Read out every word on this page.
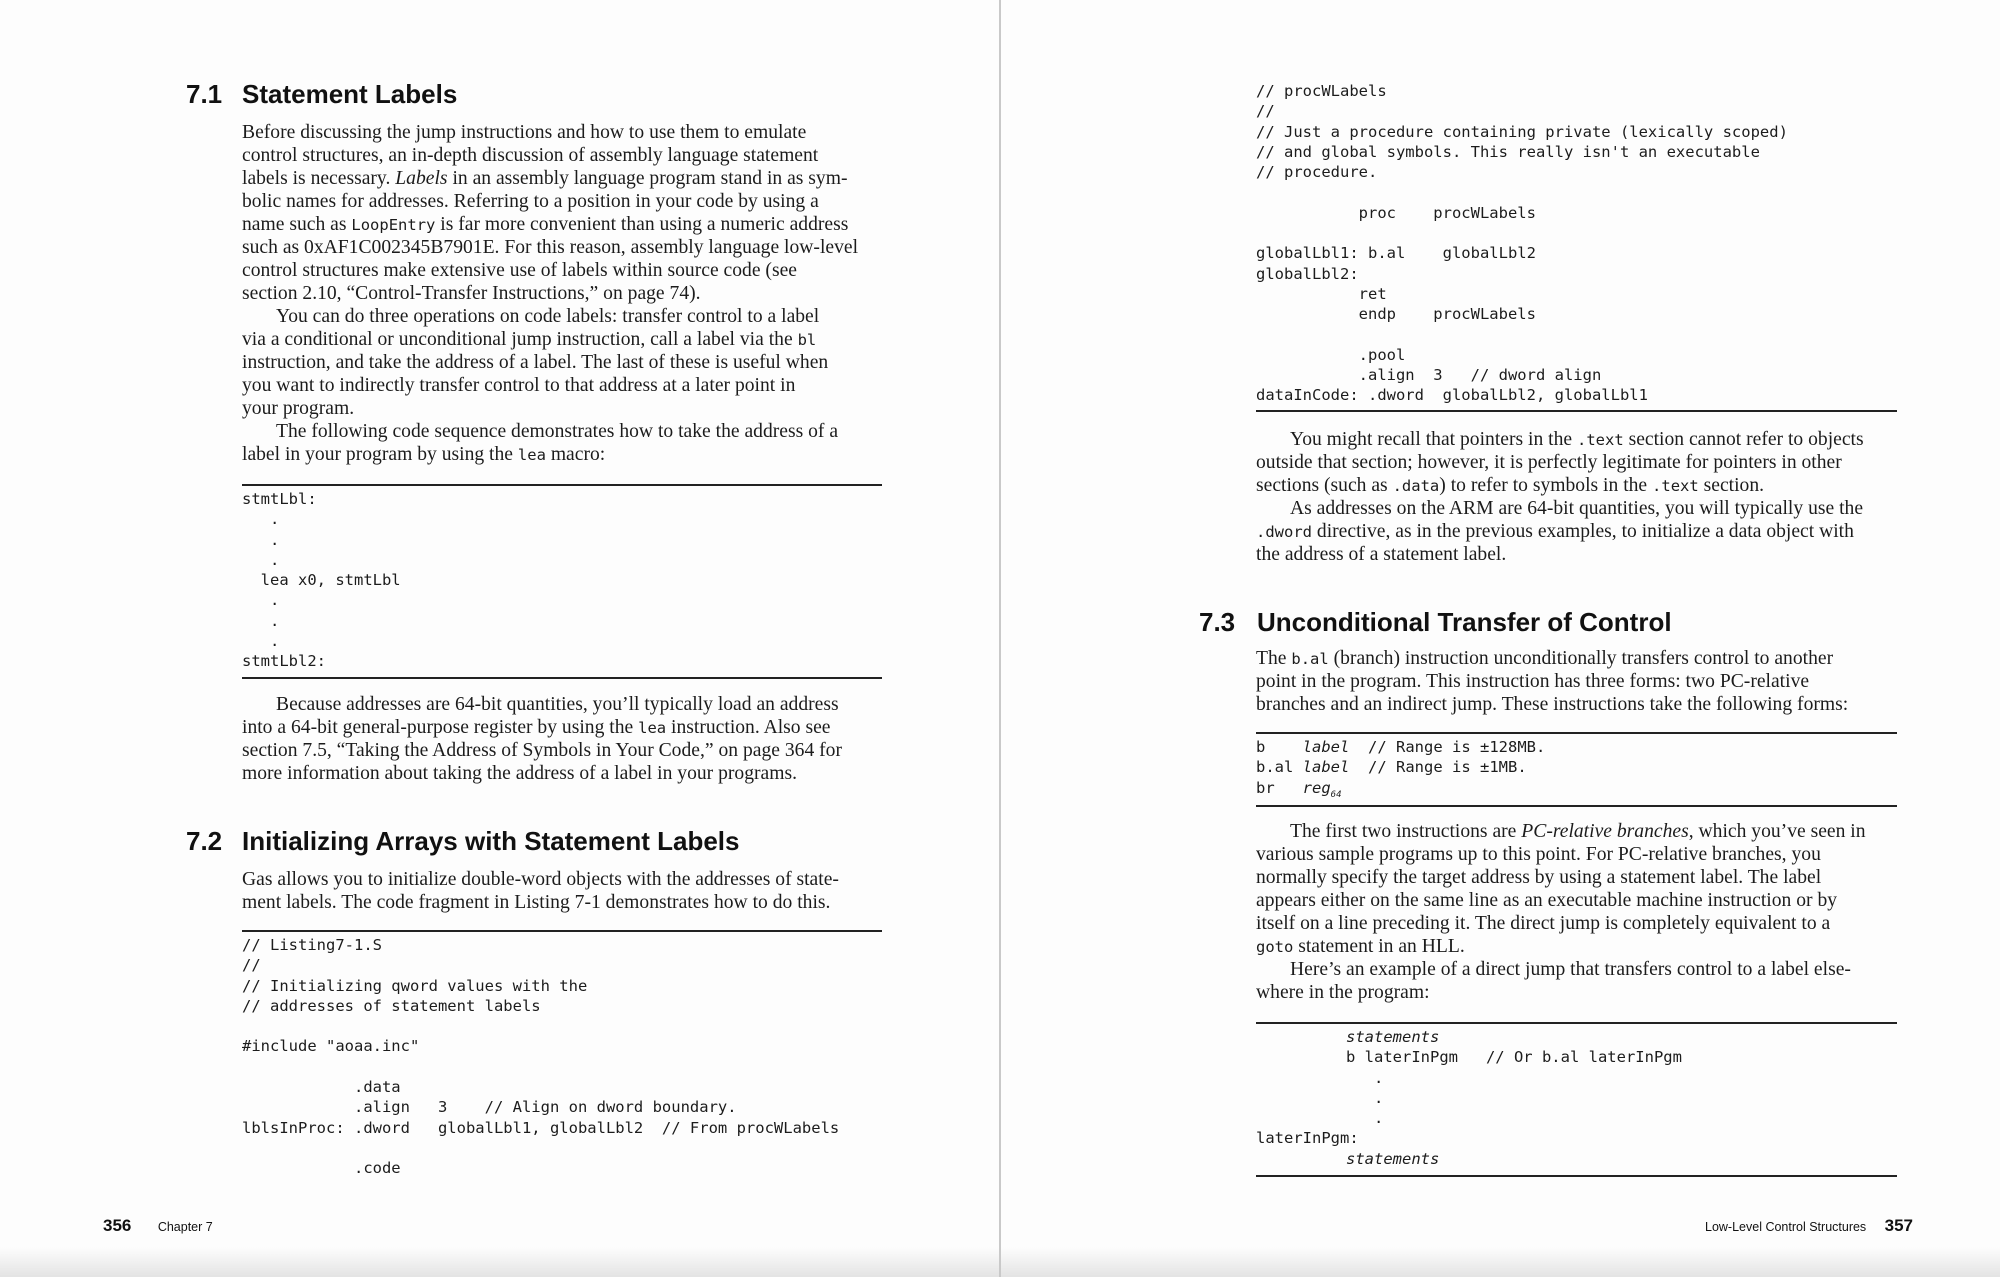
7.1 Statement Labels
Before discussing the jump instructions and how to use them to emulate
control structures, an in-depth discussion of assembly language statement
labels is necessary. Labels in an assembly language program stand in as sym-
bolic names for addresses. Referring to a position in your code by using a
name such as LoopEntry is far more convenient than using a numeric address
such as 0xAF1C002345B7901E. For this reason, assembly language low-level
control structures make extensive use of labels within source code (see
section 2.10, “Control-Transfer Instructions,” on page 74).
You can do three operations on code labels: transfer control to a label
via a conditional or unconditional jump instruction, call a label via the bl
instruction, and take the address of a label. The last of these is useful when
you want to indirectly transfer control to that address at a later point in
your program.
The following code sequence demonstrates how to take the address of a
label in your program by using the lea macro:
stmtLbl:
.
.
.
lea x0, stmtLbl
.
.
.
stmtLbl2:
Because addresses are 64-bit quantities, you’ll typically load an address
into a 64-bit general-purpose register by using the lea instruction. Also see
section 7.5, “Taking the Address of Symbols in Your Code,” on page 364 for
more information about taking the address of a label in your programs.
7.2 Initializing Arrays with Statement Labels
Gas allows you to initialize double-word objects with the addresses of state-
ment labels. The code fragment in Listing 7-1 demonstrates how to do this.
// Listing7-1.S
//
// Initializing qword values with the
// addresses of statement labels
#include "aoaa.inc"
.data
.align   3    // Align on dword boundary.
lblsInProc: .dword   globalLbl1, globalLbl2  // From procWLabels
.code
356 Chapter 7
// procWLabels
//
// Just a procedure containing private (lexically scoped)
// and global symbols. This really isn't an executable
// procedure.
proc    procWLabels
globalLbl1: b.al    globalLbl2
globalLbl2:
ret
endp    procWLabels
.pool
.align  3   // dword align
dataInCode: .dword  globalLbl2, globalLbl1
You might recall that pointers in the .text section cannot refer to objects
outside that section; however, it is perfectly legitimate for pointers in other
sections (such as .data) to refer to symbols in the .text section.
As addresses on the ARM are 64-bit quantities, you will typically use the
.dword directive, as in the previous examples, to initialize a data object with
the address of a statement label.
7.3 Unconditional Transfer of Control
The b.al (branch) instruction unconditionally transfers control to another
point in the program. This instruction has three forms: two PC-relative
branches and an indirect jump. These instructions take the following forms:
b    label  // Range is ±128MB.
b.al label  // Range is ±1MB.
br   reg$_{64}$
The first two instructions are PC-relative branches, which you’ve seen in
various sample programs up to this point. For PC-relative branches, you
normally specify the target address by using a statement label. The label
appears either on the same line as an executable machine instruction or by
itself on a line preceding it. The direct jump is completely equivalent to a
goto statement in an HLL.
Here’s an example of a direct jump that transfers control to a label else-
where in the program:
statements
b laterInPgm   // Or b.al laterInPgm
.
.
.
laterInPgm:
statements
Low-Level Control Structures 357
